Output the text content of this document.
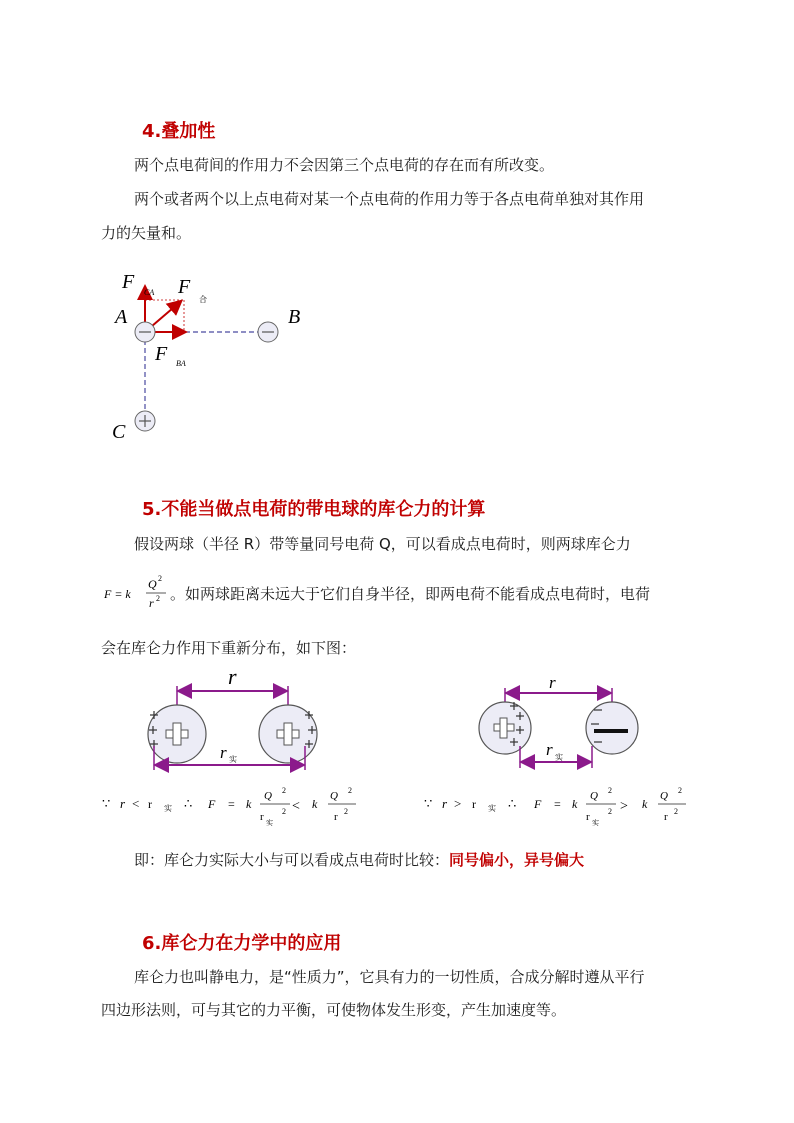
4.叠加性
两个点电荷间的作用力不会因第三个点电荷的存在而有所改变。
两个或者两个以上点电荷对某一个点电荷的作用力等于各点电荷单独对其作用
力的矢量和。
F CA F
合
F BA
A	B
C
5.不能当做点电荷的带电球的库仑力的计算
假设两球（半径 R）带等量同号电荷 Q，可以看成点电荷时，则两球库仑力
F = k
Q 2
r 2 。如两球距离未远大于它们自身半径，即两电荷不能看成点电荷时，电荷
会在库仑力作用下重新分布，如下图：
r
r 实
r
r 实
∵ r < r 实 ∴ F = k
Q 2
r 实
2 < k
Q 2
r 2
∵ r > r 实 ∴ F = k
Q 2
r 实
2 > k
Q 2
r 2
即：库仑力实际大小与可以看成点电荷时比较：同号偏小，异号偏大
6.库仑力在力学中的应用
库仑力也叫静电力，是“性质力”，它具有力的一切性质，合成分解时遵从平行
四边形法则，可与其它的力平衡，可使物体发生形变，产生加速度等。
